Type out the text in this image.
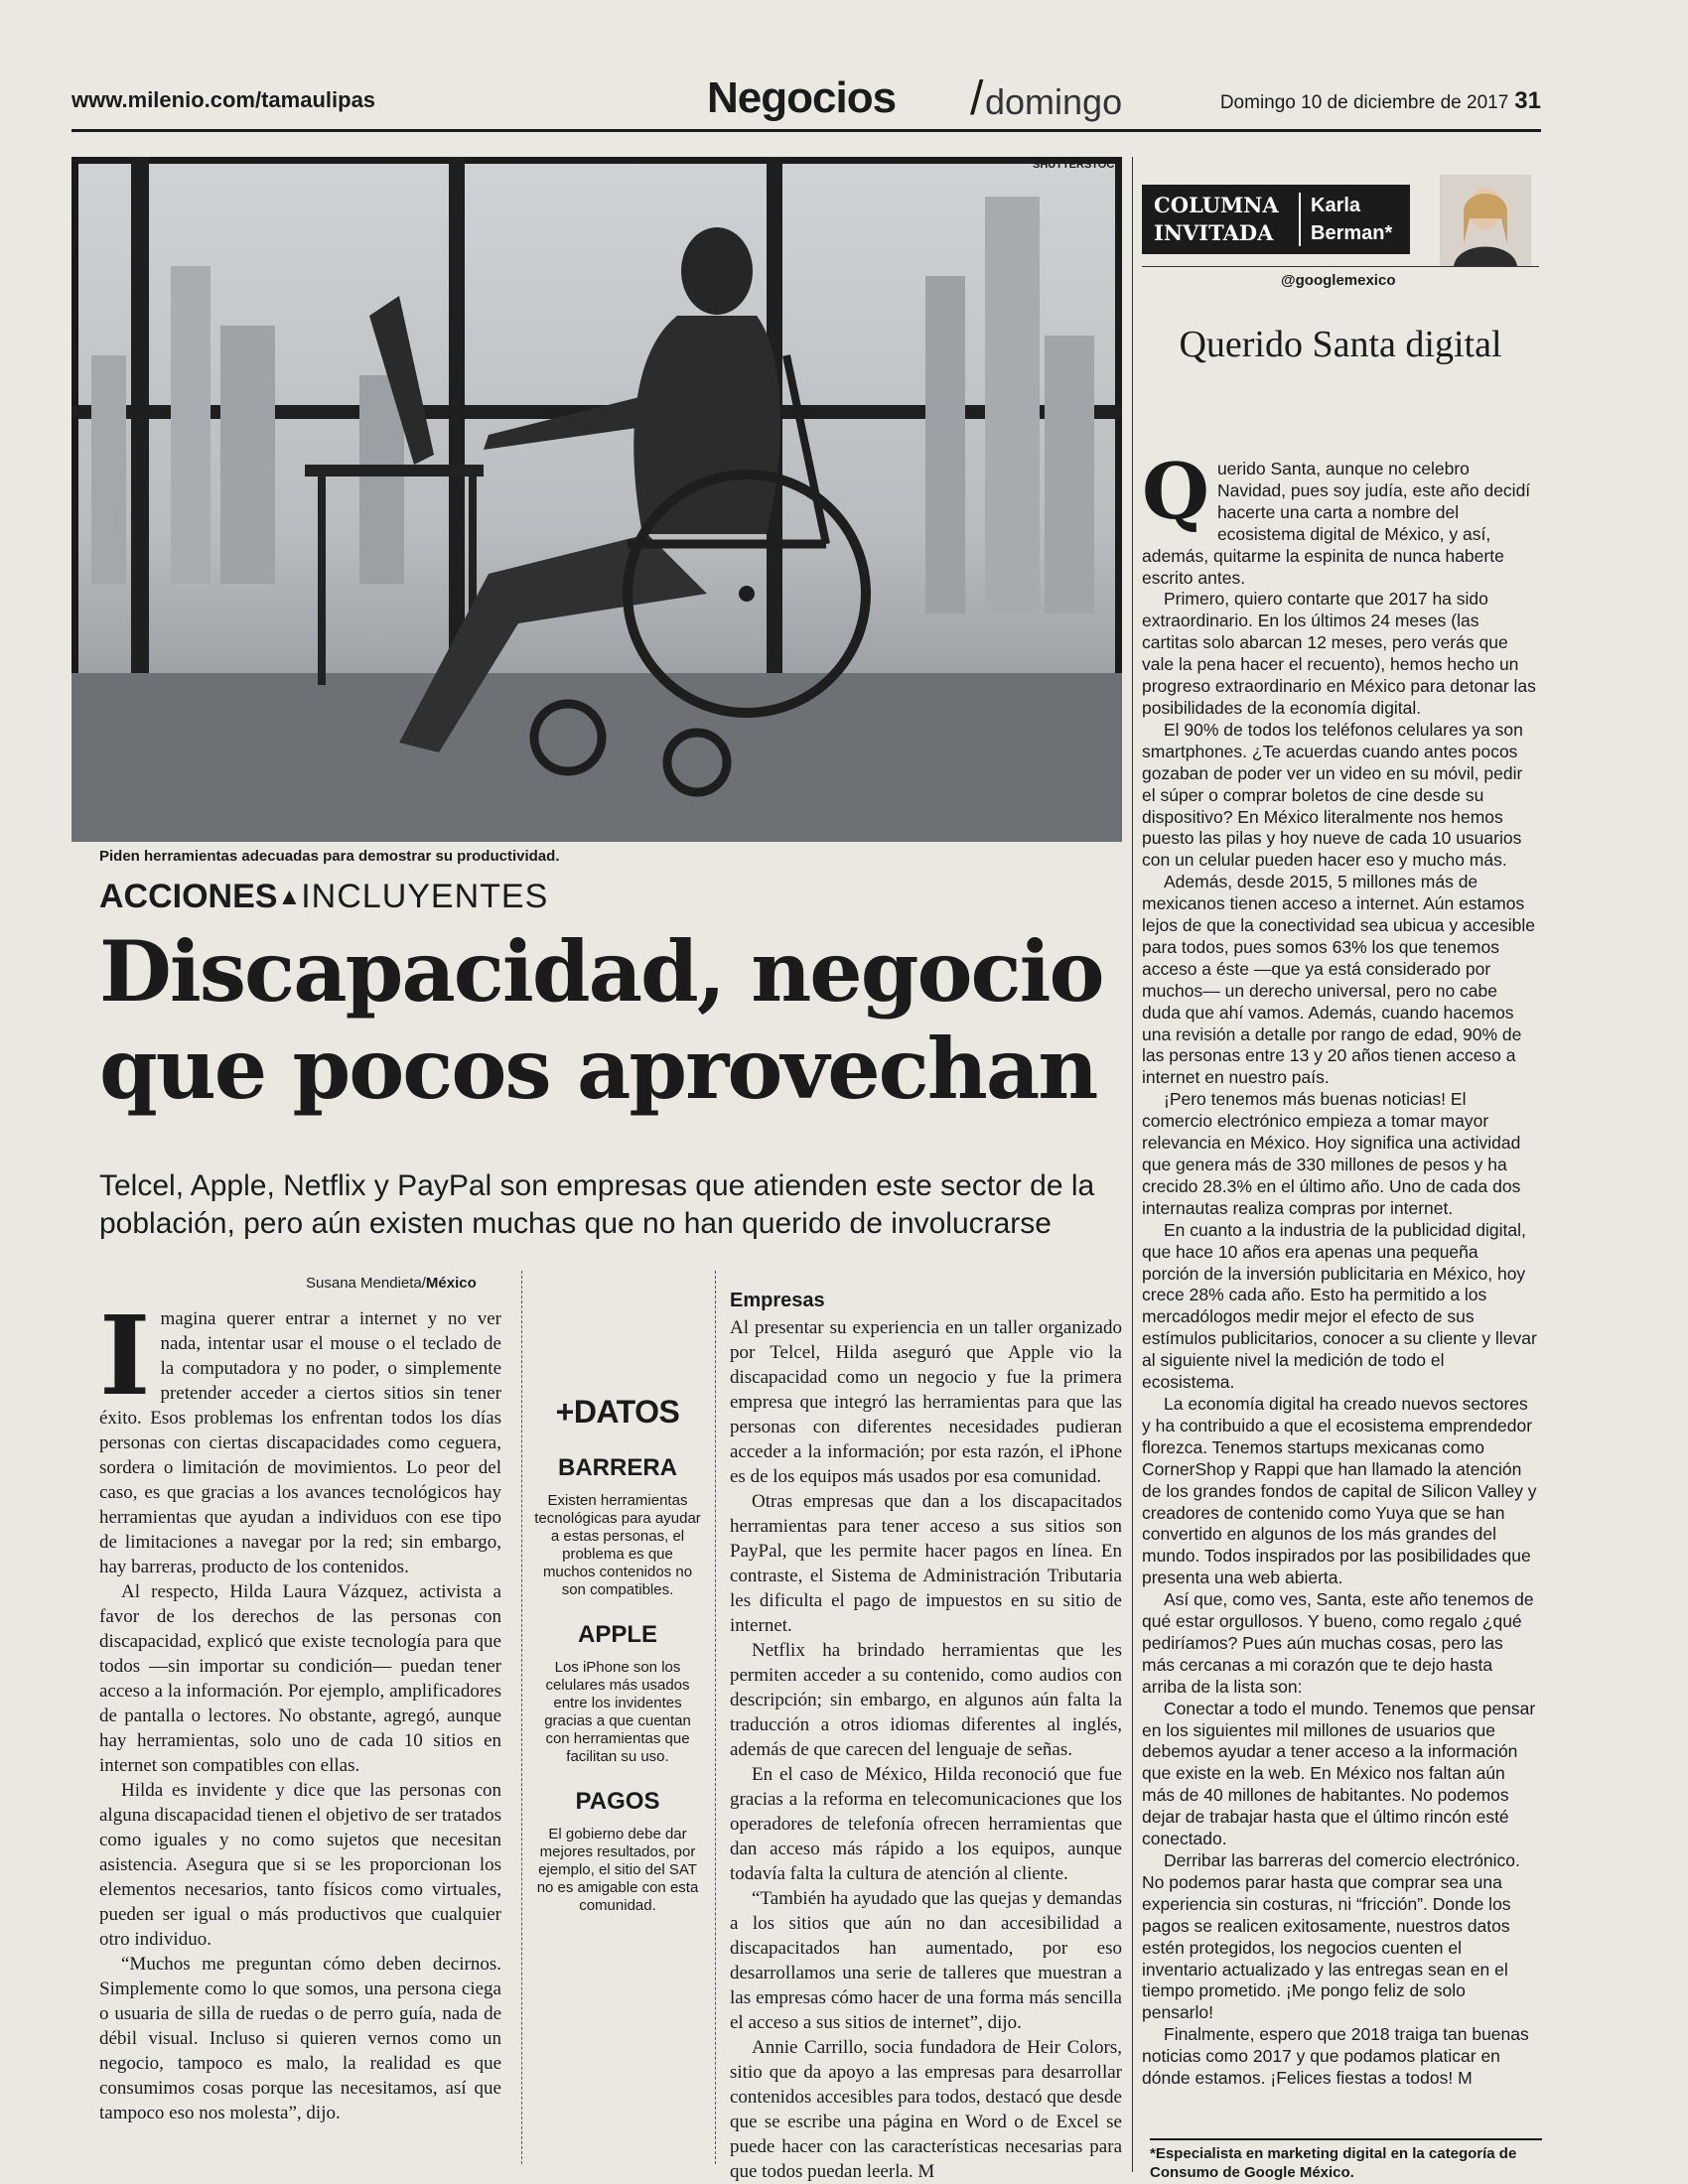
www.milenio.com/tamaulipas	Negocios / domingo	Domingo 10 de diciembre de 2017 31
SHUTTERSTOCK
Piden herramientas adecuadas para demostrar su productividad.
ACCIONES▲INCLUYENTES
Discapacidad, negocio que pocos aprovechan
Telcel, Apple, Netflix y PayPal son empresas que atienden este sector de la población, pero aún existen muchas que no han querido de involucrarse
Susana Mendieta/México

Imagina querer entrar a internet y no ver nada, intentar usar el mouse o el teclado de la computadora y no poder, o simplemente pretender acceder a ciertos sitios sin tener éxito. Esos problemas los enfrentan todos los días personas con ciertas discapacidades como ceguera, sordera o limitación de movimientos. Lo peor del caso, es que gracias a los avances tecnológicos hay herramientas que ayudan a individuos con ese tipo de limitaciones a navegar por la red; sin embargo, hay barreras, producto de los contenidos.

Al respecto, Hilda Laura Vázquez, activista a favor de los derechos de las personas con discapacidad, explicó que existe tecnología para que todos —sin importar su condición— puedan tener acceso a la información. Por ejemplo, amplificadores de pantalla o lectores. No obstante, agregó, aunque hay herramientas, solo uno de cada 10 sitios en internet son compatibles con ellas.

Hilda es invidente y dice que las personas con alguna discapacidad tienen el objetivo de ser tratados como iguales y no como sujetos que necesitan asistencia. Asegura que si se les proporcionan los elementos necesarios, tanto físicos como virtuales, pueden ser igual o más productivos que cualquier otro individuo.

“Muchos me preguntan cómo deben decirnos. Simplemente como lo que somos, una persona ciega o usuaria de silla de ruedas o de perro guía, nada de débil visual. Incluso si quieren vernos como un negocio, tampoco es malo, la realidad es que consumimos cosas porque las necesitamos, así que tampoco eso nos molesta”, dijo.

+DATOS
BARRERA
Existen herramientas tecnológicas para ayudar a estas personas, el problema es que muchos contenidos no son compatibles.
APPLE
Los iPhone son los celulares más usados entre los invidentes gracias a que cuentan con herramientas que facilitan su uso.
PAGOS
El gobierno debe dar mejores resultados, por ejemplo, el sitio del SAT no es amigable con esta comunidad.
Empresas

Al presentar su experiencia en un taller organizado por Telcel, Hilda aseguró que Apple vio la discapacidad como un negocio y fue la primera empresa que integró las herramientas para que las personas con diferentes necesidades pudieran acceder a la información; por esta razón, el iPhone es de los equipos más usados por esa comunidad.

Otras empresas que dan a los discapacitados herramientas para tener acceso a sus sitios son PayPal, que les permite hacer pagos en línea. En contraste, el Sistema de Administración Tributaria les dificulta el pago de impuestos en su sitio de internet.

Netflix ha brindado herramientas que les permiten acceder a su contenido, como audios con descripción; sin embargo, en algunos aún falta la traducción a otros idiomas diferentes al inglés, además de que carecen del lenguaje de señas.

En el caso de México, Hilda reconoció que fue gracias a la reforma en telecomunicaciones que los operadores de telefonía ofrecen herramientas que dan acceso más rápido a los equipos, aunque todavía falta la cultura de atención al cliente.

“También ha ayudado que las quejas y demandas a los sitios que aún no dan accesibilidad a discapacitados han aumentado, por eso desarrollamos una serie de talleres que muestran a las empresas cómo hacer de una forma más sencilla el acceso a sus sitios de internet”, dijo.

Annie Carrillo, socia fundadora de Heir Colors, sitio que da apoyo a las empresas para desarrollar contenidos accesibles para todos, destacó que desde que se escribe una página en Word o de Excel se puede hacer con las características necesarias para que todos puedan leerla. M

COLUMNA
INVITADA
Karla
Berman*
@googlemexico
Querido Santa digital

Querido Santa, aunque no celebro Navidad, pues soy judía, este año decidí hacerte una carta a nombre del ecosistema digital de México, y así, además, quitarme la espinita de nunca haberte escrito antes.

Primero, quiero contarte que 2017 ha sido extraordinario. En los últimos 24 meses (las cartitas solo abarcan 12 meses, pero verás que vale la pena hacer el recuento), hemos hecho un progreso extraordinario en México para detonar las posibilidades de la economía digital.

El 90% de todos los teléfonos celulares ya son smartphones. ¿Te acuerdas cuando antes pocos gozaban de poder ver un video en su móvil, pedir el súper o comprar boletos de cine desde su dispositivo? En México literalmente nos hemos puesto las pilas y hoy nueve de cada 10 usuarios con un celular pueden hacer eso y mucho más.

Además, desde 2015, 5 millones más de mexicanos tienen acceso a internet. Aún estamos lejos de que la conectividad sea ubicua y accesible para todos, pues somos 63% los que tenemos acceso a éste —que ya está considerado por muchos— un derecho universal, pero no cabe duda que ahí vamos. Además, cuando hacemos una revisión a detalle por rango de edad, 90% de las personas entre 13 y 20 años tienen acceso a internet en nuestro país.

¡Pero tenemos más buenas noticias! El comercio electrónico empieza a tomar mayor relevancia en México. Hoy significa una actividad que genera más de 330 millones de pesos y ha crecido 28.3% en el último año. Uno de cada dos internautas realiza compras por internet.

En cuanto a la industria de la publicidad digital, que hace 10 años era apenas una pequeña porción de la inversión publicitaria en México, hoy crece 28% cada año. Esto ha permitido a los mercadólogos medir mejor el efecto de sus estímulos publicitarios, conocer a su cliente y llevar al siguiente nivel la medición de todo el ecosistema.

La economía digital ha creado nuevos sectores y ha contribuido a que el ecosistema emprendedor florezca. Tenemos startups mexicanas como CornerShop y Rappi que han llamado la atención de los grandes fondos de capital de Silicon Valley y creadores de contenido como Yuya que se han convertido en algunos de los más grandes del mundo. Todos inspirados por las posibilidades que presenta una web abierta.

Así que, como ves, Santa, este año tenemos de qué estar orgullosos. Y bueno, como regalo ¿qué pediríamos? Pues aún muchas cosas, pero las más cercanas a mi corazón que te dejo hasta arriba de la lista son:

Conectar a todo el mundo. Tenemos que pensar en los siguientes mil millones de usuarios que debemos ayudar a tener acceso a la información que existe en la web. En México nos faltan aún más de 40 millones de habitantes. No podemos dejar de trabajar hasta que el último rincón esté conectado.

Derribar las barreras del comercio electrónico. No podemos parar hasta que comprar sea una experiencia sin costuras, ni “fricción”. Donde los pagos se realicen exitosamente, nuestros datos estén protegidos, los negocios cuenten el inventario actualizado y las entregas sean en el tiempo prometido. ¡Me pongo feliz de solo pensarlo!

Finalmente, espero que 2018 traiga tan buenas noticias como 2017 y que podamos platicar en dónde estamos. ¡Felices fiestas a todos! M

*Especialista en marketing digital en la categoría de Consumo de Google México.
